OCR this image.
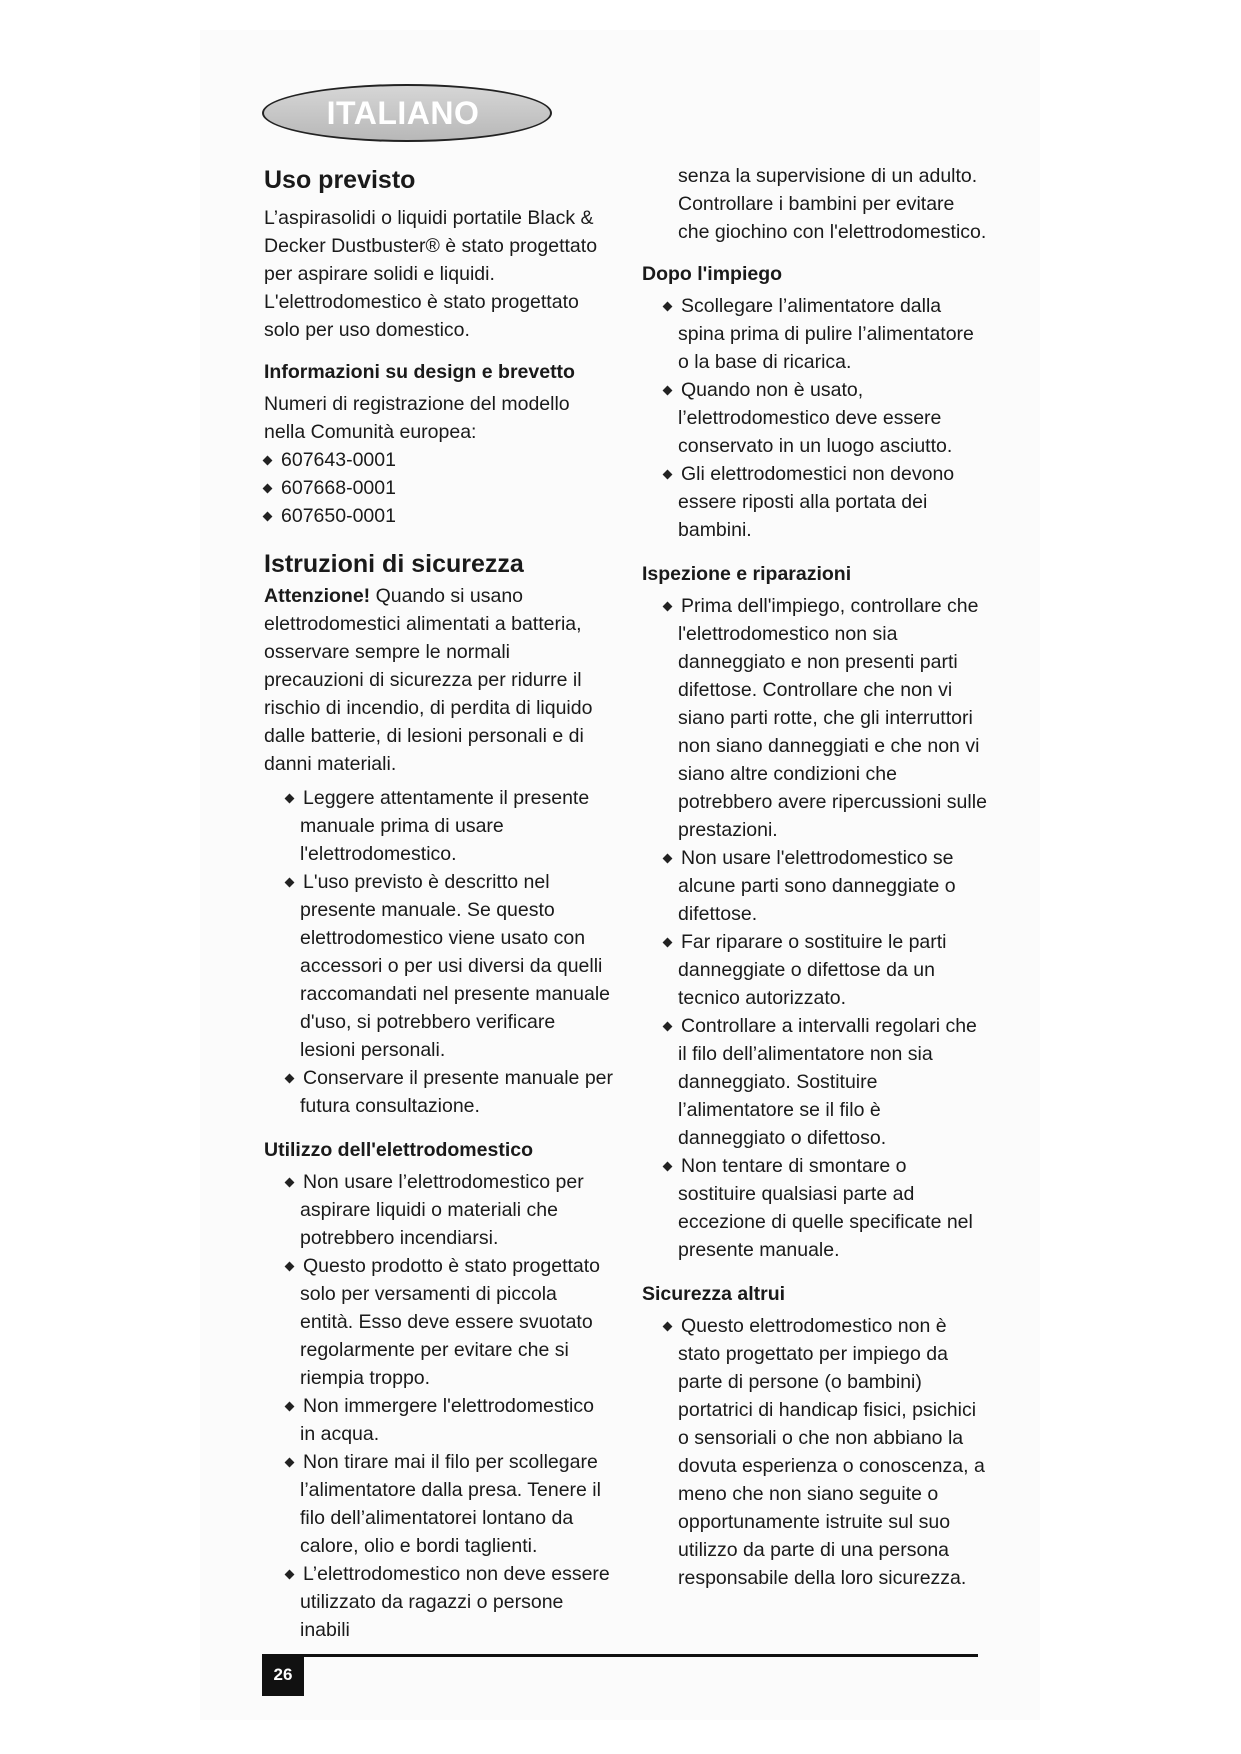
ITALIANO
Uso previsto

L’aspirasolidi o liquidi portatile Black & Decker Dustbuster® è stato progettato per aspirare solidi e liquidi. L'elettrodomestico è stato progettato solo per uso domestico.

Informazioni su design e brevetto

Numeri di registrazione del modello nella Comunità europea:

607643-0001
607668-0001
607650-0001
Istruzioni di sicurezza

Attenzione! Quando si usano elettrodomestici alimentati a batteria, osservare sempre le normali precauzioni di sicurezza per ridurre il rischio di incendio, di perdita di liquido dalle batterie, di lesioni personali e di danni materiali.

Leggere attentamente il presente manuale prima di usare l'elettrodomestico.
L'uso previsto è descritto nel presente manuale. Se questo elettrodomestico viene usato con accessori o per usi diversi da quelli raccomandati nel presente manuale d'uso, si potrebbero verificare lesioni personali.
Conservare il presente manuale per futura consultazione.
Utilizzo dell'elettrodomestico
Non usare l’elettrodomestico per aspirare liquidi o materiali che potrebbero incendiarsi.
Questo prodotto è stato progettato solo per versamenti di piccola entità. Esso deve essere svuotato regolarmente per evitare che si riempia troppo.
Non immergere l'elettrodomestico in acqua.
Non tirare mai il filo per scollegare l’alimentatore dalla presa. Tenere il filo dell’alimentatorei lontano da calore, olio e bordi taglienti.
L’elettrodomestico non deve essere utilizzato da ragazzi o persone inabili

senza la supervisione di un adulto. Controllare i bambini per evitare che giochino con l'elettrodomestico.

Dopo l'impiego
Scollegare l’alimentatore dalla spina prima di pulire l’alimentatore o la base di ricarica.
Quando non è usato, l’elettrodomestico deve essere conservato in un luogo asciutto.
Gli elettrodomestici non devono essere riposti alla portata dei bambini.
Ispezione e riparazioni
Prima dell'impiego, controllare che l'elettrodomestico non sia danneggiato e non presenti parti difettose. Controllare che non vi siano parti rotte, che gli interruttori non siano danneggiati e che non vi siano altre condizioni che potrebbero avere ripercussioni sulle prestazioni.
Non usare l'elettrodomestico se alcune parti sono danneggiate o difettose.
Far riparare o sostituire le parti danneggiate o difettose da un tecnico autorizzato.
Controllare a intervalli regolari che il filo dell’alimentatore non sia danneggiato. Sostituire l’alimentatore se il filo è danneggiato o difettoso.
Non tentare di smontare o sostituire qualsiasi parte ad eccezione di quelle specificate nel presente manuale.
Sicurezza altrui
Questo elettrodomestico non è stato progettato per impiego da parte di persone (o bambini) portatrici di handicap fisici, psichici o sensoriali o che non abbiano la dovuta esperienza o conoscenza, a meno che non siano seguite o opportunamente istruite sul suo utilizzo da parte di una persona responsabile della loro sicurezza.
26
